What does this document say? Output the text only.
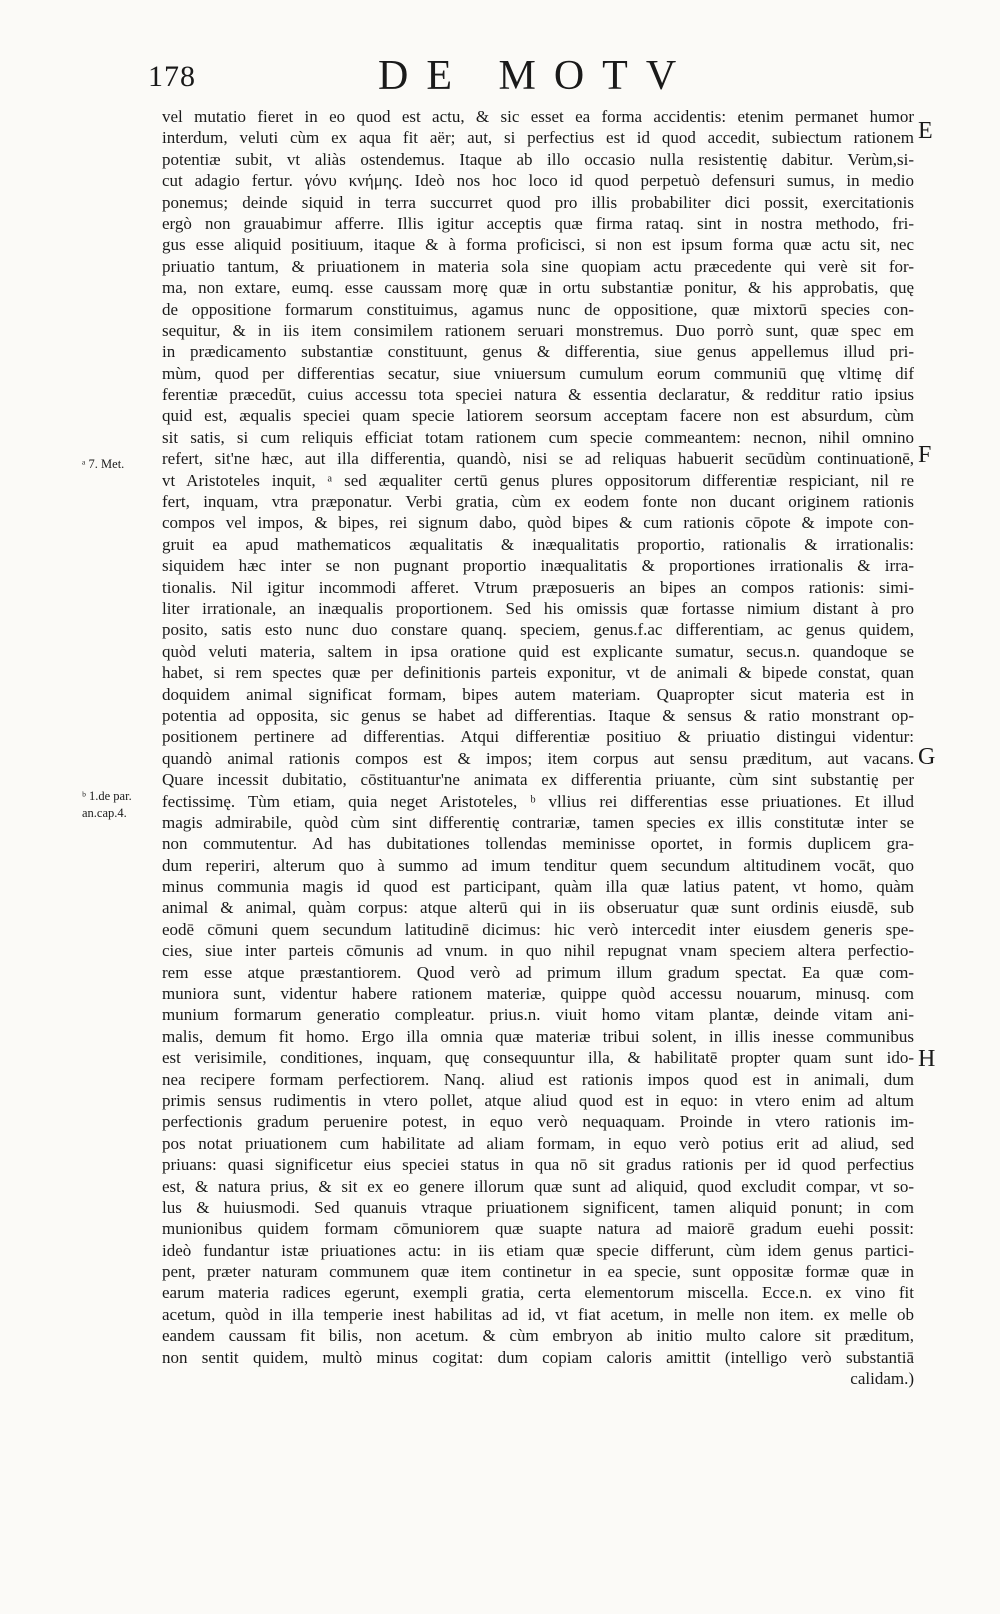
178	DE MOTV
ᵃ 7. Met.
ᵇ 1.de par.
an.cap.4.
E
F
G
H
vel mutatio fieret in eo quod est actu, & sic esset ea forma accidentis: etenim permanet humor
interdum, veluti cùm ex aqua fit aër; aut, si perfectius est id quod accedit, subiectum rationem
potentiæ subit, vt aliàs ostendemus. Itaque ab illo occasio nulla resistentię dabitur. Verùm,si-
cut adagio fertur. γόνυ κνήμης. Ideò nos hoc loco id quod perpetuò defensuri sumus, in medio
ponemus; deinde siquid in terra succurret quod pro illis probabiliter dici possit, exercitationis
ergò non grauabimur afferre. Illis igitur acceptis quæ firma rataq. sint in nostra methodo, fri-
gus esse aliquid positiuum, itaque & à forma proficisci, si non est ipsum forma quæ actu sit, nec
priuatio tantum, & priuationem in materia sola sine quopiam actu præcedente qui verè sit for-
ma, non extare, eumq. esse caussam morę quæ in ortu substantiæ ponitur, & his approbatis, quę
de oppositione formarum constituimus, agamus nunc de oppositione, quæ mixtorū species con-
sequitur, & in iis item consimilem rationem seruari monstremus. Duo porrò sunt, quæ spec em
in prædicamento substantiæ constituunt, genus & differentia, siue genus appellemus illud pri-
mùm, quod per differentias secatur, siue vniuersum cumulum eorum communiū quę vltimę dif
ferentiæ præcedūt, cuius accessu tota speciei natura & essentia declaratur, & redditur ratio ipsius
quid est, æqualis speciei quam specie latiorem seorsum acceptam facere non est absurdum, cùm
sit satis, si cum reliquis efficiat totam rationem cum specie commeantem: necnon, nihil omnino
refert, sit'ne hæc, aut illa differentia, quandò, nisi se ad reliquas habuerit secūdùm continuationē,
vt Aristoteles inquit, ᵃ sed æqualiter certū genus plures oppositorum differentiæ respiciant, nil re
fert, inquam, vtra præponatur. Verbi gratia, cùm ex eodem fonte non ducant originem rationis
compos vel impos, & bipes, rei signum dabo, quòd bipes & cum rationis cōpote & impote con-
gruit ea apud mathematicos æqualitatis & inæqualitatis proportio, rationalis & irrationalis:
siquidem hæc inter se non pugnant proportio inæqualitatis & proportiones irrationalis & irra-
tionalis. Nil igitur incommodi afferet. Vtrum præposueris an bipes an compos rationis: simi-
liter irrationale, an inæqualis proportionem. Sed his omissis quæ fortasse nimium distant à pro
posito, satis esto nunc duo constare quanq. speciem, genus.f.ac differentiam, ac genus quidem,
quòd veluti materia, saltem in ipsa oratione quid est explicante sumatur, secus.n. quandoque se
habet, si rem spectes quæ per definitionis parteis exponitur, vt de animali & bipede constat, quan
doquidem animal significat formam, bipes autem materiam. Quapropter sicut materia est in
potentia ad opposita, sic genus se habet ad differentias. Itaque & sensus & ratio monstrant op-
positionem pertinere ad differentias. Atqui differentiæ positiuo & priuatio distingui videntur:
quandò animal rationis compos est & impos; item corpus aut sensu præditum, aut vacans.
Quare incessit dubitatio, cōstituantur'ne animata ex differentia priuante, cùm sint substantię per
fectissimę. Tùm etiam, quia neget Aristoteles, ᵇ vllius rei differentias esse priuationes. Et illud
magis admirabile, quòd cùm sint differentię contrariæ, tamen species ex illis constitutæ inter se
non commutentur. Ad has dubitationes tollendas meminisse oportet, in formis duplicem gra-
dum reperiri, alterum quo à summo ad imum tenditur quem secundum altitudinem vocāt, quo
minus communia magis id quod est participant, quàm illa quæ latius patent, vt homo, quàm
animal & animal, quàm corpus: atque alterū qui in iis obseruatur quæ sunt ordinis eiusdē, sub
eodē cōmuni quem secundum latitudinē dicimus: hic verò intercedit inter eiusdem generis spe-
cies, siue inter parteis cōmunis ad vnum. in quo nihil repugnat vnam speciem altera perfectio-
rem esse atque præstantiorem. Quod verò ad primum illum gradum spectat. Ea quæ com-
muniora sunt, videntur habere rationem materiæ, quippe quòd accessu nouarum, minusq. com
munium formarum generatio compleatur. prius.n. viuit homo vitam plantæ, deinde vitam ani-
malis, demum fit homo. Ergo illa omnia quæ materiæ tribui solent, in illis inesse communibus
est verisimile, conditiones, inquam, quę consequuntur illa, & habilitatē propter quam sunt ido-
nea recipere formam perfectiorem. Nanq. aliud est rationis impos quod est in animali, dum
primis sensus rudimentis in vtero pollet, atque aliud quod est in equo: in vtero enim ad altum
perfectionis gradum peruenire potest, in equo verò nequaquam. Proinde in vtero rationis im-
pos notat priuationem cum habilitate ad aliam formam, in equo verò potius erit ad aliud, sed
priuans: quasi significetur eius speciei status in qua nō sit gradus rationis per id quod perfectius
est, & natura prius, & sit ex eo genere illorum quæ sunt ad aliquid, quod excludit compar, vt so-
lus & huiusmodi. Sed quanuis vtraque priuationem significent, tamen aliquid ponunt; in com
munionibus quidem formam cōmuniorem quæ suapte natura ad maiorē gradum euehi possit:
ideò fundantur istæ priuationes actu: in iis etiam quæ specie differunt, cùm idem genus partici-
pent, præter naturam communem quæ item continetur in ea specie, sunt oppositæ formæ quæ in
earum materia radices egerunt, exempli gratia, certa elementorum miscella. Ecce.n. ex vino fit
acetum, quòd in illa temperie inest habilitas ad id, vt fiat acetum, in melle non item. ex melle ob
eandem caussam fit bilis, non acetum. & cùm embryon ab initio multo calore sit præditum,
non sentit quidem, multò minus cogitat: dum copiam caloris amittit (intelligo verò substantiā
calidam.)
